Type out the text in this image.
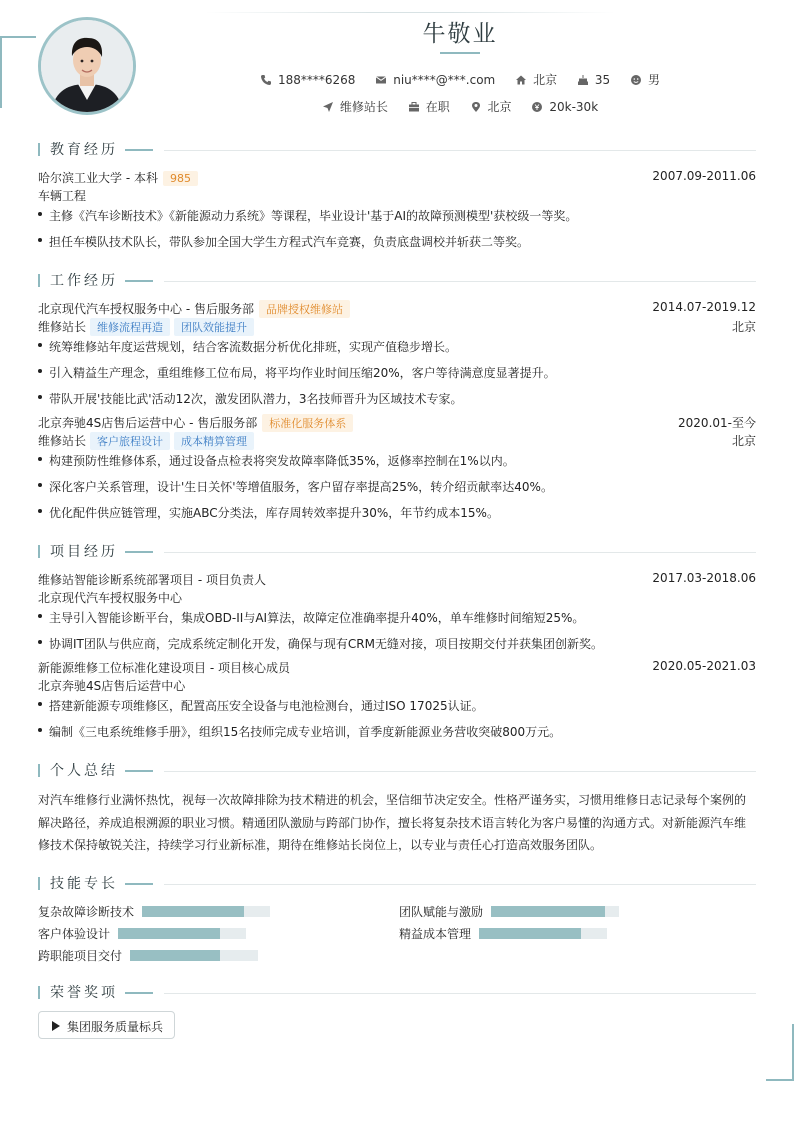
牛敬业
188****6268	niu****@***.com	北京	35	男
维修站长	在职	北京	20k-30k
教育经历
哈尔滨工业大学 - 本科 985	2007.09-2011.06
车辆工程
主修《汽车诊断技术》《新能源动力系统》等课程，毕业设计'基于AI的故障预测模型'获校级一等奖。
担任车模队技术队长，带队参加全国大学生方程式汽车竞赛，负责底盘调校并斩获二等奖。
工作经历
北京现代汽车授权服务中心 - 售后服务部 品牌授权维修站	2014.07-2019.12
维修站长 维修流程再造 团队效能提升	北京
统筹维修站年度运营规划，结合客流数据分析优化排班，实现产值稳步增长。
引入精益生产理念，重组维修工位布局，将平均作业时间压缩20%，客户等待满意度显著提升。
带队开展'技能比武'活动12次，激发团队潜力，3名技师晋升为区域技术专家。
北京奔驰4S店售后运营中心 - 售后服务部 标准化服务体系	2020.01-至今
维修站长 客户旅程设计 成本精算管理	北京
构建预防性维修体系，通过设备点检表将突发故障率降低35%，返修率控制在1%以内。
深化客户关系管理，设计'生日关怀'等增值服务，客户留存率提高25%，转介绍贡献率达40%。
优化配件供应链管理，实施ABC分类法，库存周转效率提升30%，年节约成本15%。
项目经历
维修站智能诊断系统部署项目 - 项目负责人	2017.03-2018.06
北京现代汽车授权服务中心
主导引入智能诊断平台，集成OBD-II与AI算法，故障定位准确率提升40%，单车维修时间缩短25%。
协调IT团队与供应商，完成系统定制化开发，确保与现有CRM无缝对接，项目按期交付并获集团创新奖。
新能源维修工位标准化建设项目 - 项目核心成员	2020.05-2021.03
北京奔驰4S店售后运营中心
搭建新能源专项维修区，配置高压安全设备与电池检测台，通过ISO 17025认证。
编制《三电系统维修手册》，组织15名技师完成专业培训，首季度新能源业务营收突破800万元。
个人总结
对汽车维修行业满怀热忱，视每一次故障排除为技术精进的机会，坚信细节决定安全。性格严谨务实，习惯用维修日志记录每个案例的解决路径，养成追根溯源的职业习惯。精通团队激励与跨部门协作，擅长将复杂技术语言转化为客户易懂的沟通方式。对新能源汽车维修技术保持敏锐关注，持续学习行业新标准，期待在维修站长岗位上，以专业与责任心打造高效服务团队。
技能专长
复杂故障诊断技术	团队赋能与激励
客户体验设计	精益成本管理
跨职能项目交付
荣誉奖项
集团服务质量标兵
